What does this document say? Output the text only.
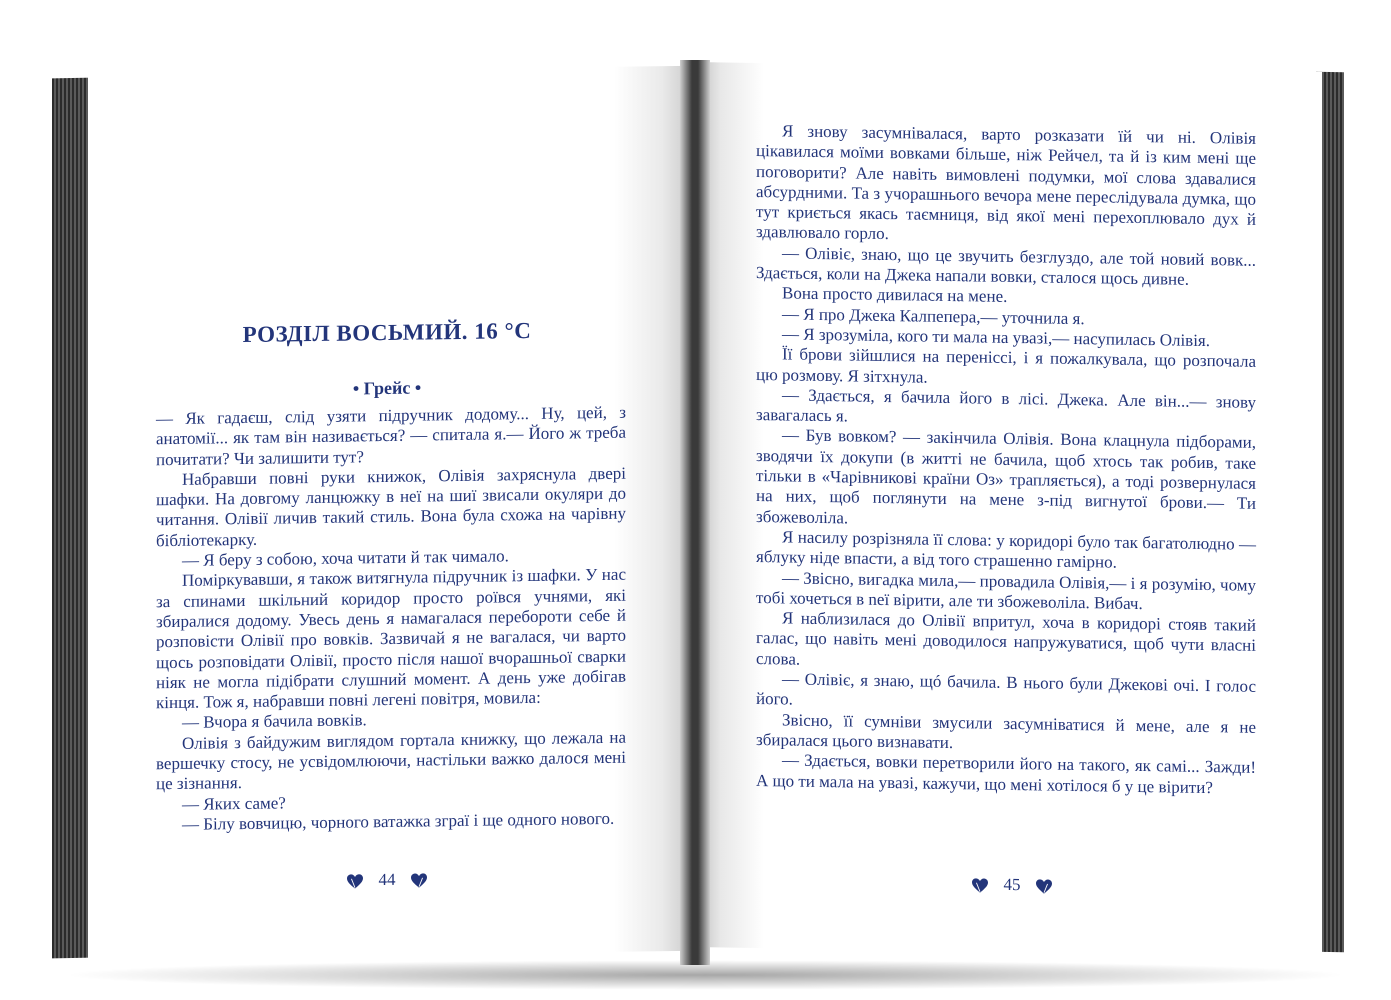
РОЗДІЛ ВОСЬМИЙ. 16 °С
• Грейс •

— Як гадаєш, слід узяти підручник додому... Ну, цей, з анатомії... як там він називається? — спитала я.— Його ж треба почитати? Чи залишити тут?

Набравши повні руки книжок, Олівія захряснула двері шафки. На довгому ланцюжку в неї на шиї звисали окуляри до читання. Олівії личив такий стиль. Вона була схожа на чарівну бібліотекарку.

— Я беру з собою, хоча читати й так чимало.

Поміркувавши, я також витягнула підручник із шафки. У нас за спинами шкільний коридор просто роївся учнями, які збиралися додому. Увесь день я намагалася переборoти себе й розповісти Олівії про вовків. Зазвичай я не вагалася, чи варто щось розповідати Олівії, просто після нашої вчорашньої сварки ніяк не могла підібрати слушний момент. А день уже добігав кінця. Тож я, набравши повні легені повітря, мовила:

— Вчора я бачила вовків.

Олівія з байдужим виглядом гортала книжку, що лежала на вершечку стосу, не усвідомлюючи, настільки важко далося мені це зізнання.

— Яких саме?

— Білу вовчицю, чорного ватажка зграї і ще одного нового.

44

Я знову засумнівалася, варто розказати їй чи ні. Олівія цікавилася моїми вовками більше, ніж Рейчел, та й із ким мені ще поговорити? Але навіть вимовлені подумки, мої слова здавалися абсурдними. Та з учорашнього вечора мене переслідувала думка, що тут криється якась таємниця, від якої мені перехоплювало дух й здавлювало горло.

— Олівіє, знаю, що це звучить безглуздо, але той новий вовк... Здається, коли на Джека напали вовки, сталося щось дивне.

Вона просто дивилася на мене.

— Я про Джека Калпепера,— уточнила я.

— Я зрозуміла, кого ти мала на увазі,— насупилась Олівія.

Її брови зійшлися на переніссі, і я пожалкувала, що розпочала цю розмову. Я зітхнула.

— Здається, я бачила його в лісі. Джека. Але він...— знову завагалась я.

— Був вовком? — закінчила Олівія. Вона клацнула підборами, зводячи їх докупи (в житті не бачила, щоб хтось так робив, таке тільки в «Чарівникові країни Оз» трапляється), а тоді розвернулася на них, щоб поглянути на мене з-під вигнутої брови.— Ти збожеволіла.

Я насилу розрізняла її слова: у коридорі було так багатолюдно — яблуку ніде впасти, а від того страшенно гамірно.

— Звісно, вигадка мила,— провадила Олівія,— і я розумію, чому тобі хочеться в neї вірити, але ти збожеволіла. Вибач.

Я наблизилася до Олівії впритул, хоча в коридорі стояв такий галас, що навіть мені доводилося напружуватися, щоб чути власні слова.

— Олівіє, я знаю, щó бачила. В нього були Джекові очі. І голос його.

Звісно, її сумніви змусили засумніватися й мене, але я не збиралася цього визнавати.

— Здається, вовки перетворили його на такого, як самі... Зажди! А що ти мала на увазі, кажучи, що мені хотілося б у це вірити?

45
